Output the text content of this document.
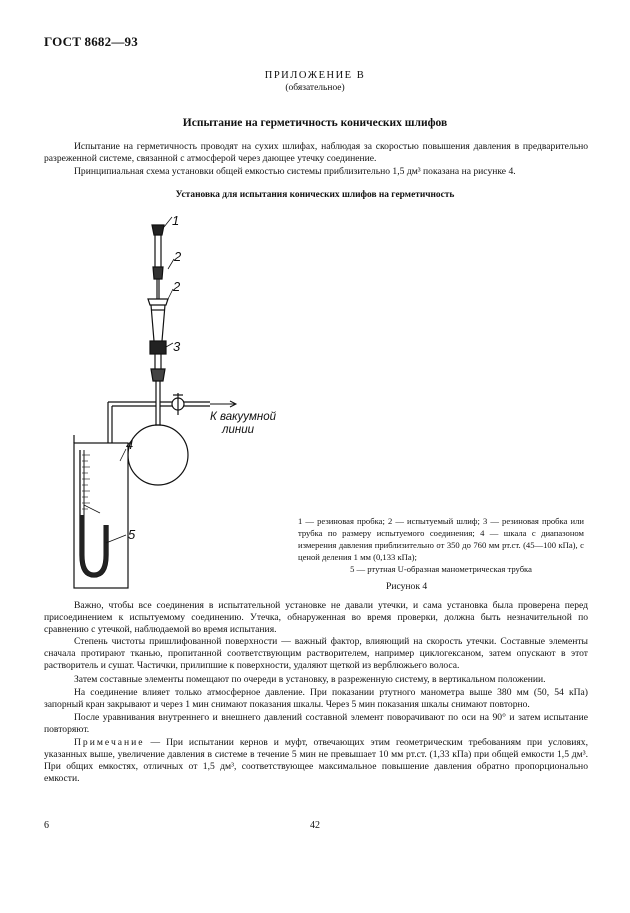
ГОСТ 8682—93
ПРИЛОЖЕНИЕ В
(обязательное)
Испытание на герметичность конических шлифов
Испытание на герметичность проводят на сухих шлифах, наблюдая за скоростью повышения давления в предварительно разреженной системе, связанной с атмосферой через дающее утечку соединение.
Принципиальная схема установки общей емкостью системы приблизительно 1,5 дм³ показана на рисунке 4.
Установка для испытания конических шлифов на герметичность
1
2
2
3
4
5
К вакуумной
линии
1 — резиновая пробка; 2 — испытуемый шлиф; 3 — резиновая пробка или трубка по размеру испытуемого соединения; 4 — шкала с диапазоном измерения давления приблизительно от 350 до 760 мм рт.ст. (45—100 кПа), с ценой деления 1 мм (0,133 кПа);
5 — ртутная U-образная манометрическая трубка
Рисунок 4

Важно, чтобы все соединения в испытательной установке не давали утечки, и сама установка была проверена перед присоединением к испытуемому соединению. Утечка, обнаруженная во время проверки, должна быть незначительной по сравнению с утечкой, наблюдаемой во время испытания.

Степень чистоты пришлифованной поверхности — важный фактор, влияющий на скорость утечки. Составные элементы сначала протирают тканью, пропитанной соответствующим растворителем, например циклогексаном, затем опускают в этот растворитель и сушат. Частички, прилипшие к поверхности, удаляют щеткой из верблюжьего волоса.

Затем составные элементы помещают по очереди в установку, в разреженную систему, в вертикальном положении.

На соединение влияет только атмосферное давление. При показании ртутного манометра выше 380 мм (50, 54 кПа) запорный кран закрывают и через 1 мин снимают показания шкалы. Через 5 мин показания шкалы снимают повторно.

После уравнивания внутреннего и внешнего давлений составной элемент поворачивают по оси на 90° и затем испытание повторяют.

Примечание — При испытании кернов и муфт, отвечающих этим геометрическим требованиям при условиях, указанных выше, увеличение давления в системе в течение 5 мин не превышает 10 мм рт.ст. (1,33 кПа) при общей емкости 1,5 дм³. При общих емкостях, отличных от 1,5 дм³, соответствующее максимальное повышение давления обратно пропорционально емкости.

6	42
